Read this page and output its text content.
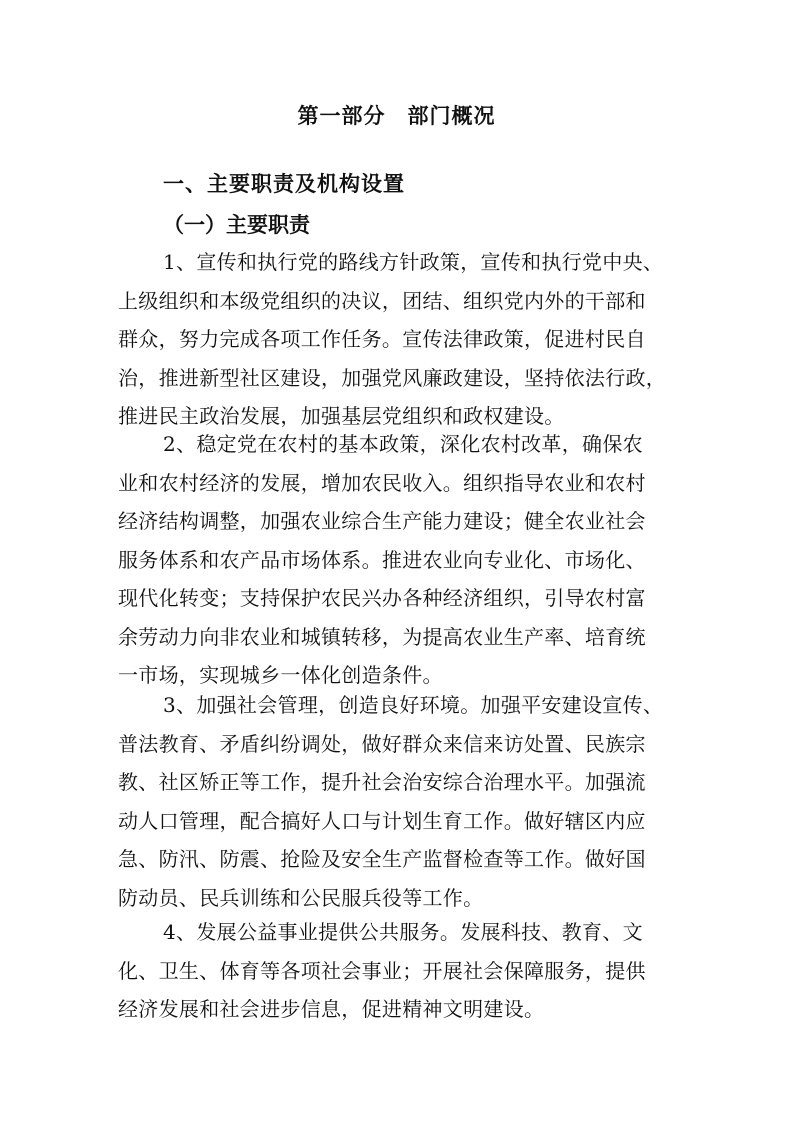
第一部分　部门概况
一、主要职责及机构设置
（一）主要职责
1、宣传和执行党的路线方针政策，宣传和执行党中央、
上级组织和本级党组织的决议，团结、组织党内外的干部和
群众，努力完成各项工作任务。宣传法律政策，促进村民自
治，推进新型社区建设，加强党风廉政建设，坚持依法行政，
推进民主政治发展，加强基层党组织和政权建设。
2、稳定党在农村的基本政策，深化农村改革，确保农
业和农村经济的发展，增加农民收入。组织指导农业和农村
经济结构调整，加强农业综合生产能力建设；健全农业社会
服务体系和农产品市场体系。推进农业向专业化、市场化、
现代化转变；支持保护农民兴办各种经济组织，引导农村富
余劳动力向非农业和城镇转移，为提高农业生产率、培育统
一市场，实现城乡一体化创造条件。
3、加强社会管理，创造良好环境。加强平安建设宣传、
普法教育、矛盾纠纷调处，做好群众来信来访处置、民族宗
教、社区矫正等工作，提升社会治安综合治理水平。加强流
动人口管理，配合搞好人口与计划生育工作。做好辖区内应
急、防汛、防震、抢险及安全生产监督检查等工作。做好国
防动员、民兵训练和公民服兵役等工作。
4、发展公益事业提供公共服务。发展科技、教育、文
化、卫生、体育等各项社会事业；开展社会保障服务，提供
经济发展和社会进步信息，促进精神文明建设。
